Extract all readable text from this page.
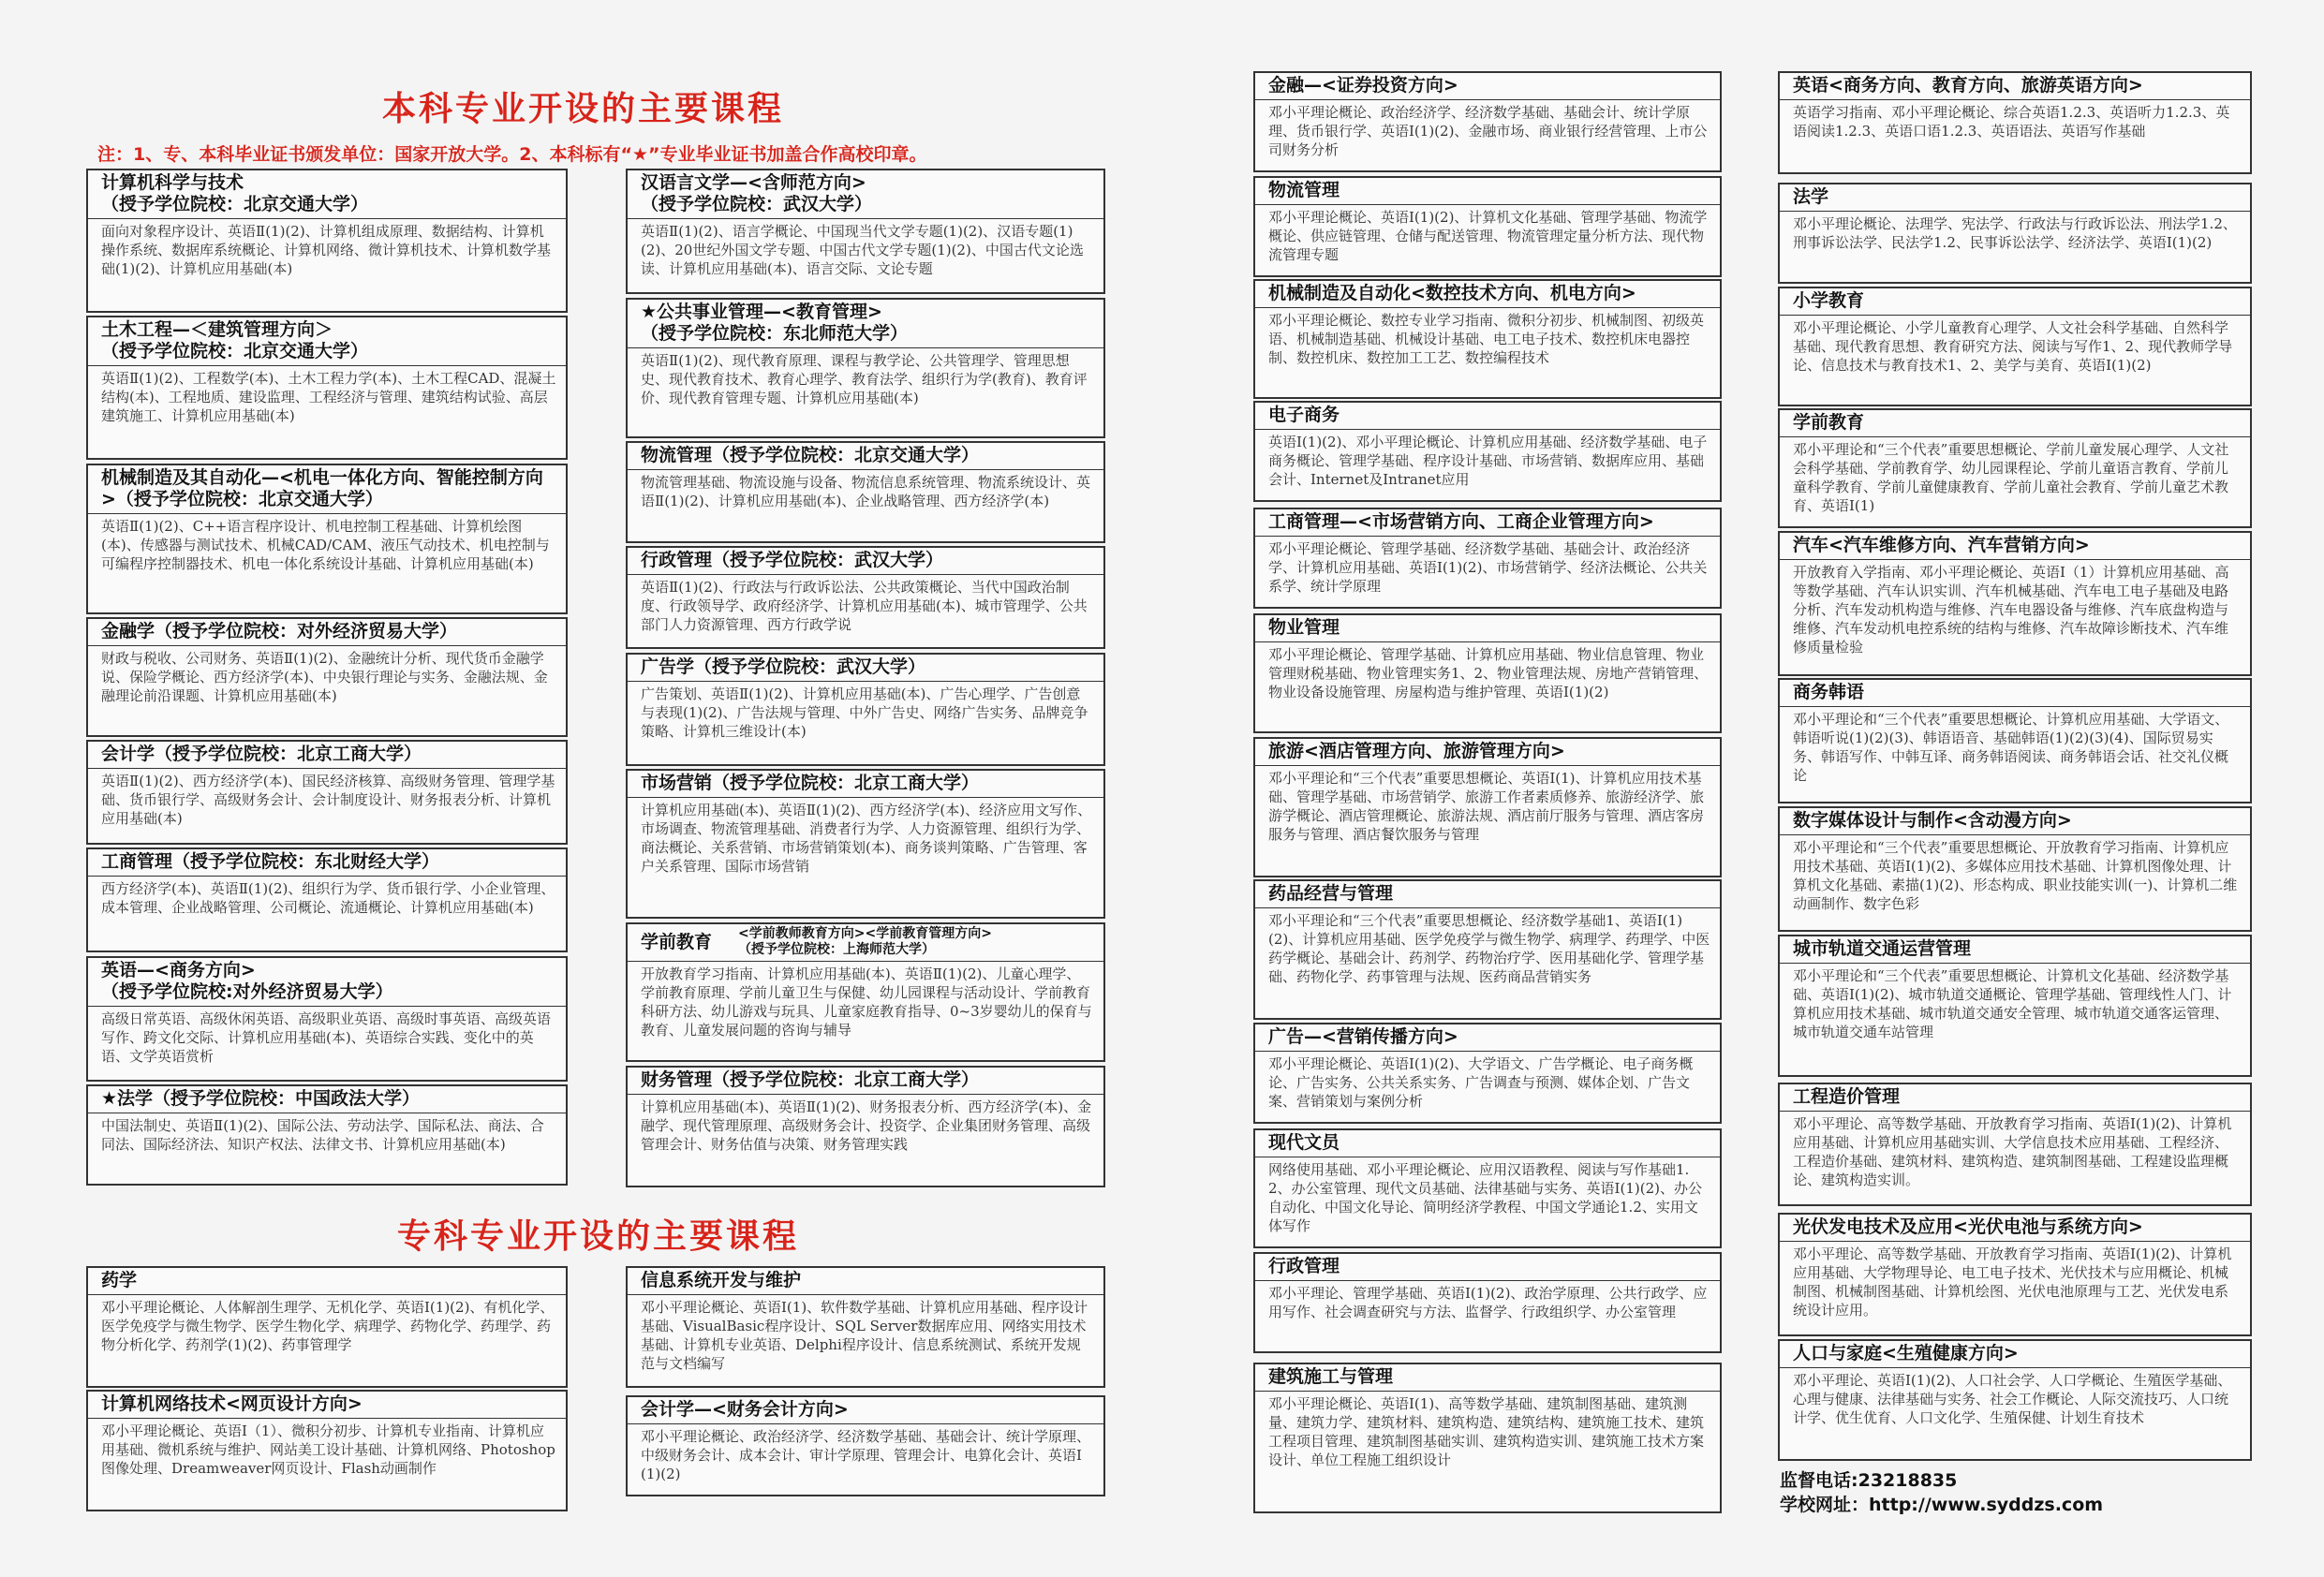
本科专业开设的主要课程
注：1、专、本科毕业证书颁发单位：国家开放大学。2、本科标有“★”专业毕业证书加盖合作高校印章。
计算机科学与技术
（授予学位院校：北京交通大学）
面向对象程序设计、英语Ⅱ(1)(2)、计算机组成原理、数据结构、计算机操作系统、数据库系统概论、计算机网络、微计算机技术、计算机数学基础(1)(2)、计算机应用基础(本)
土木工程—＜建筑管理方向＞
（授予学位院校：北京交通大学）
英语Ⅱ(1)(2)、工程数学(本)、土木工程力学(本)、土木工程CAD、混凝土结构(本)、工程地质、建设监理、工程经济与管理、建筑结构试验、高层建筑施工、计算机应用基础(本)
机械制造及其自动化—<机电一体化方向、智能控制方向>（授予学位院校：北京交通大学）
英语Ⅱ(1)(2)、C++语言程序设计、机电控制工程基础、计算机绘图(本)、传感器与测试技术、机械CAD/CAM、液压气动技术、机电控制与可编程序控制器技术、机电一体化系统设计基础、计算机应用基础(本)
金融学（授予学位院校：对外经济贸易大学）
财政与税收、公司财务、英语Ⅱ(1)(2)、金融统计分析、现代货币金融学说、保险学概论、西方经济学(本)、中央银行理论与实务、金融法规、金融理论前沿课题、计算机应用基础(本)
会计学（授予学位院校：北京工商大学）
英语Ⅱ(1)(2)、西方经济学(本)、国民经济核算、高级财务管理、管理学基础、货币银行学、高级财务会计、会计制度设计、财务报表分析、计算机应用基础(本)
工商管理（授予学位院校：东北财经大学）
西方经济学(本)、英语Ⅱ(1)(2)、组织行为学、货币银行学、小企业管理、成本管理、企业战略管理、公司概论、流通概论、计算机应用基础(本)
英语—<商务方向>
（授予学位院校:对外经济贸易大学）
高级日常英语、高级休闲英语、高级职业英语、高级时事英语、高级英语写作、跨文化交际、计算机应用基础(本)、英语综合实践、变化中的英语、文学英语赏析
★法学（授予学位院校：中国政法大学）
中国法制史、英语Ⅱ(1)(2)、国际公法、劳动法学、国际私法、商法、合同法、国际经济法、知识产权法、法律文书、计算机应用基础(本)
汉语言文学—<含师范方向>
（授予学位院校：武汉大学）
英语Ⅱ(1)(2)、语言学概论、中国现当代文学专题(1)(2)、汉语专题(1)(2)、20世纪外国文学专题、中国古代文学专题(1)(2)、中国古代文论选读、计算机应用基础(本)、语言交际、文论专题
★公共事业管理—<教育管理>
（授予学位院校：东北师范大学）
英语Ⅱ(1)(2)、现代教育原理、课程与教学论、公共管理学、管理思想史、现代教育技术、教育心理学、教育法学、组织行为学(教育)、教育评价、现代教育管理专题、计算机应用基础(本)
物流管理（授予学位院校：北京交通大学）
物流管理基础、物流设施与设备、物流信息系统管理、物流系统设计、英语Ⅱ(1)(2)、计算机应用基础(本)、企业战略管理、西方经济学(本)
行政管理（授予学位院校：武汉大学）
英语Ⅱ(1)(2)、行政法与行政诉讼法、公共政策概论、当代中国政治制度、行政领导学、政府经济学、计算机应用基础(本)、城市管理学、公共部门人力资源管理、西方行政学说
广告学（授予学位院校：武汉大学）
广告策划、英语Ⅱ(1)(2)、计算机应用基础(本)、广告心理学、广告创意与表现(1)(2)、广告法规与管理、中外广告史、网络广告实务、品牌竞争策略、计算机三维设计(本)
市场营销（授予学位院校：北京工商大学）
计算机应用基础(本)、英语Ⅱ(1)(2)、西方经济学(本)、经济应用文写作、市场调查、物流管理基础、消费者行为学、人力资源管理、组织行为学、商法概论、关系营销、市场营销策划(本)、商务谈判策略、广告管理、客户关系管理、国际市场营销
学前教育 <学前教师教育方向><学前教育管理方向>
（授予学位院校：上海师范大学）
开放教育学习指南、计算机应用基础(本)、英语Ⅱ(1)(2)、儿童心理学、学前教育原理、学前儿童卫生与保健、幼儿园课程与活动设计、学前教育科研方法、幼儿游戏与玩具、儿童家庭教育指导、0~3岁婴幼儿的保育与教育、儿童发展问题的咨询与辅导
财务管理（授予学位院校：北京工商大学）
计算机应用基础(本)、英语Ⅱ(1)(2)、财务报表分析、西方经济学(本)、金融学、现代管理原理、高级财务会计、投资学、企业集团财务管理、高级管理会计、财务估值与决策、财务管理实践
专科专业开设的主要课程
药学
邓小平理论概论、人体解剖生理学、无机化学、英语Ⅰ(1)(2)、有机化学、医学免疫学与微生物学、医学生物化学、病理学、药物化学、药理学、药物分析化学、药剂学(1)(2)、药事管理学
计算机网络技术<网页设计方向>
邓小平理论概论、英语Ⅰ（1）、微积分初步、计算机专业指南、计算机应用基础、微机系统与维护、网站美工设计基础、计算机网络、Photoshop图像处理、Dreamweaver网页设计、Flash动画制作
信息系统开发与维护
邓小平理论概论、英语Ⅰ(1)、软件数学基础、计算机应用基础、程序设计基础、VisualBasic程序设计、SQL Server数据库应用、网络实用技术基础、计算机专业英语、Delphi程序设计、信息系统测试、系统开发规范与文档编写
会计学—<财务会计方向>
邓小平理论概论、政治经济学、经济数学基础、基础会计、统计学原理、中级财务会计、成本会计、审计学原理、管理会计、电算化会计、英语Ⅰ(1)(2)
金融—<证券投资方向>
邓小平理论概论、政治经济学、经济数学基础、基础会计、统计学原理、货币银行学、英语Ⅰ(1)(2)、金融市场、商业银行经营管理、上市公司财务分析
物流管理
邓小平理论概论、英语Ⅰ(1)(2)、计算机文化基础、管理学基础、物流学概论、供应链管理、仓储与配送管理、物流管理定量分析方法、现代物流管理专题
机械制造及自动化<数控技术方向、机电方向>
邓小平理论概论、数控专业学习指南、微积分初步、机械制图、初级英语、机械制造基础、机械设计基础、电工电子技术、数控机床电器控制、数控机床、数控加工工艺、数控编程技术
电子商务
英语Ⅰ(1)(2)、邓小平理论概论、计算机应用基础、经济数学基础、电子商务概论、管理学基础、程序设计基础、市场营销、数据库应用、基础会计、Internet及Intranet应用
工商管理—<市场营销方向、工商企业管理方向>
邓小平理论概论、管理学基础、经济数学基础、基础会计、政治经济学、计算机应用基础、英语Ⅰ(1)(2)、市场营销学、经济法概论、公共关系学、统计学原理
物业管理
邓小平理论概论、管理学基础、计算机应用基础、物业信息管理、物业管理财税基础、物业管理实务1、2、物业管理法规、房地产营销管理、物业设备设施管理、房屋构造与维护管理、英语Ⅰ(1)(2)
旅游<酒店管理方向、旅游管理方向>
邓小平理论和“三个代表”重要思想概论、英语Ⅰ(1)、计算机应用技术基础、管理学基础、市场营销学、旅游工作者素质修养、旅游经济学、旅游学概论、酒店管理概论、旅游法规、酒店前厅服务与管理、酒店客房服务与管理、酒店餐饮服务与管理
药品经营与管理
邓小平理论和“三个代表”重要思想概论、经济数学基础1、英语Ⅰ(1)(2)、计算机应用基础、医学免疫学与微生物学、病理学、药理学、中医药学概论、基础会计、药剂学、药物治疗学、医用基础化学、管理学基础、药物化学、药事管理与法规、医药商品营销实务
广告—<营销传播方向>
邓小平理论概论、英语Ⅰ(1)(2)、大学语文、广告学概论、电子商务概论、广告实务、公共关系实务、广告调查与预测、媒体企划、广告文案、营销策划与案例分析
现代文员
网络使用基础、邓小平理论概论、应用汉语教程、阅读与写作基础1.2、办公室管理、现代文员基础、法律基础与实务、英语Ⅰ(1)(2)、办公自动化、中国文化导论、简明经济学教程、中国文学通论1.2、实用文体写作
行政管理
邓小平理论、管理学基础、英语Ⅰ(1)(2)、政治学原理、公共行政学、应用写作、社会调查研究与方法、监督学、行政组织学、办公室管理
建筑施工与管理
邓小平理论概论、英语Ⅰ(1)、高等数学基础、建筑制图基础、建筑测量、建筑力学、建筑材料、建筑构造、建筑结构、建筑施工技术、建筑工程项目管理、建筑制图基础实训、建筑构造实训、建筑施工技术方案设计、单位工程施工组织设计
英语<商务方向、教育方向、旅游英语方向>
英语学习指南、邓小平理论概论、综合英语1.2.3、英语听力1.2.3、英语阅读1.2.3、英语口语1.2.3、英语语法、英语写作基础
法学
邓小平理论概论、法理学、宪法学、行政法与行政诉讼法、刑法学1.2、刑事诉讼法学、民法学1.2、民事诉讼法学、经济法学、英语Ⅰ(1)(2)
小学教育
邓小平理论概论、小学儿童教育心理学、人文社会科学基础、自然科学基础、现代教育思想、教育研究方法、阅读与写作1、2、现代教师学导论、信息技术与教育技术1、2、美学与美育、英语Ⅰ(1)(2)
学前教育
邓小平理论和“三个代表”重要思想概论、学前儿童发展心理学、人文社会科学基础、学前教育学、幼儿园课程论、学前儿童语言教育、学前儿童科学教育、学前儿童健康教育、学前儿童社会教育、学前儿童艺术教育、英语Ⅰ(1)
汽车<汽车维修方向、汽车营销方向>
开放教育入学指南、邓小平理论概论、英语Ⅰ（1）计算机应用基础、高等数学基础、汽车认识实训、汽车机械基础、汽车电工电子基础及电路分析、汽车发动机构造与维修、汽车电器设备与维修、汽车底盘构造与维修、汽车发动机电控系统的结构与维修、汽车故障诊断技术、汽车维修质量检验
商务韩语
邓小平理论和“三个代表”重要思想概论、计算机应用基础、大学语文、韩语听说(1)(2)(3)、韩语语音、基础韩语(1)(2)(3)(4)、国际贸易实务、韩语写作、中韩互译、商务韩语阅读、商务韩语会话、社交礼仪概论
数字媒体设计与制作<含动漫方向>
邓小平理论和“三个代表”重要思想概论、开放教育学习指南、计算机应用技术基础、英语Ⅰ(1)(2)、多媒体应用技术基础、计算机图像处理、计算机文化基础、素描(1)(2)、形态构成、职业技能实训(一)、计算机二维动画制作、数字色彩
城市轨道交通运营管理
邓小平理论和“三个代表”重要思想概论、计算机文化基础、经济数学基础、英语Ⅰ(1)(2)、城市轨道交通概论、管理学基础、管理线性人门、计算机应用技术基础、城市轨道交通安全管理、城市轨道交通客运管理、城市轨道交通车站管理
工程造价管理
邓小平理论、高等数学基础、开放教育学习指南、英语Ⅰ(1)(2)、计算机应用基础、计算机应用基础实训、大学信息技术应用基础、工程经济、工程造价基础、建筑材料、建筑构造、建筑制图基础、工程建设监理概论、建筑构造实训。
光伏发电技术及应用<光伏电池与系统方向>
邓小平理论、高等数学基础、开放教育学习指南、英语Ⅰ(1)(2)、计算机应用基础、大学物理导论、电工电子技术、光伏技术与应用概论、机械制图、机械制图基础、计算机绘图、光伏电池原理与工艺、光伏发电系统设计应用。
人口与家庭<生殖健康方向>
邓小平理论、英语Ⅰ(1)(2)、人口社会学、人口学概论、生殖医学基础、心理与健康、法律基础与实务、社会工作概论、人际交流技巧、人口统计学、优生优育、人口文化学、生殖保健、计划生育技术
监督电话:23218835
学校网址：http://www.syddzs.com
